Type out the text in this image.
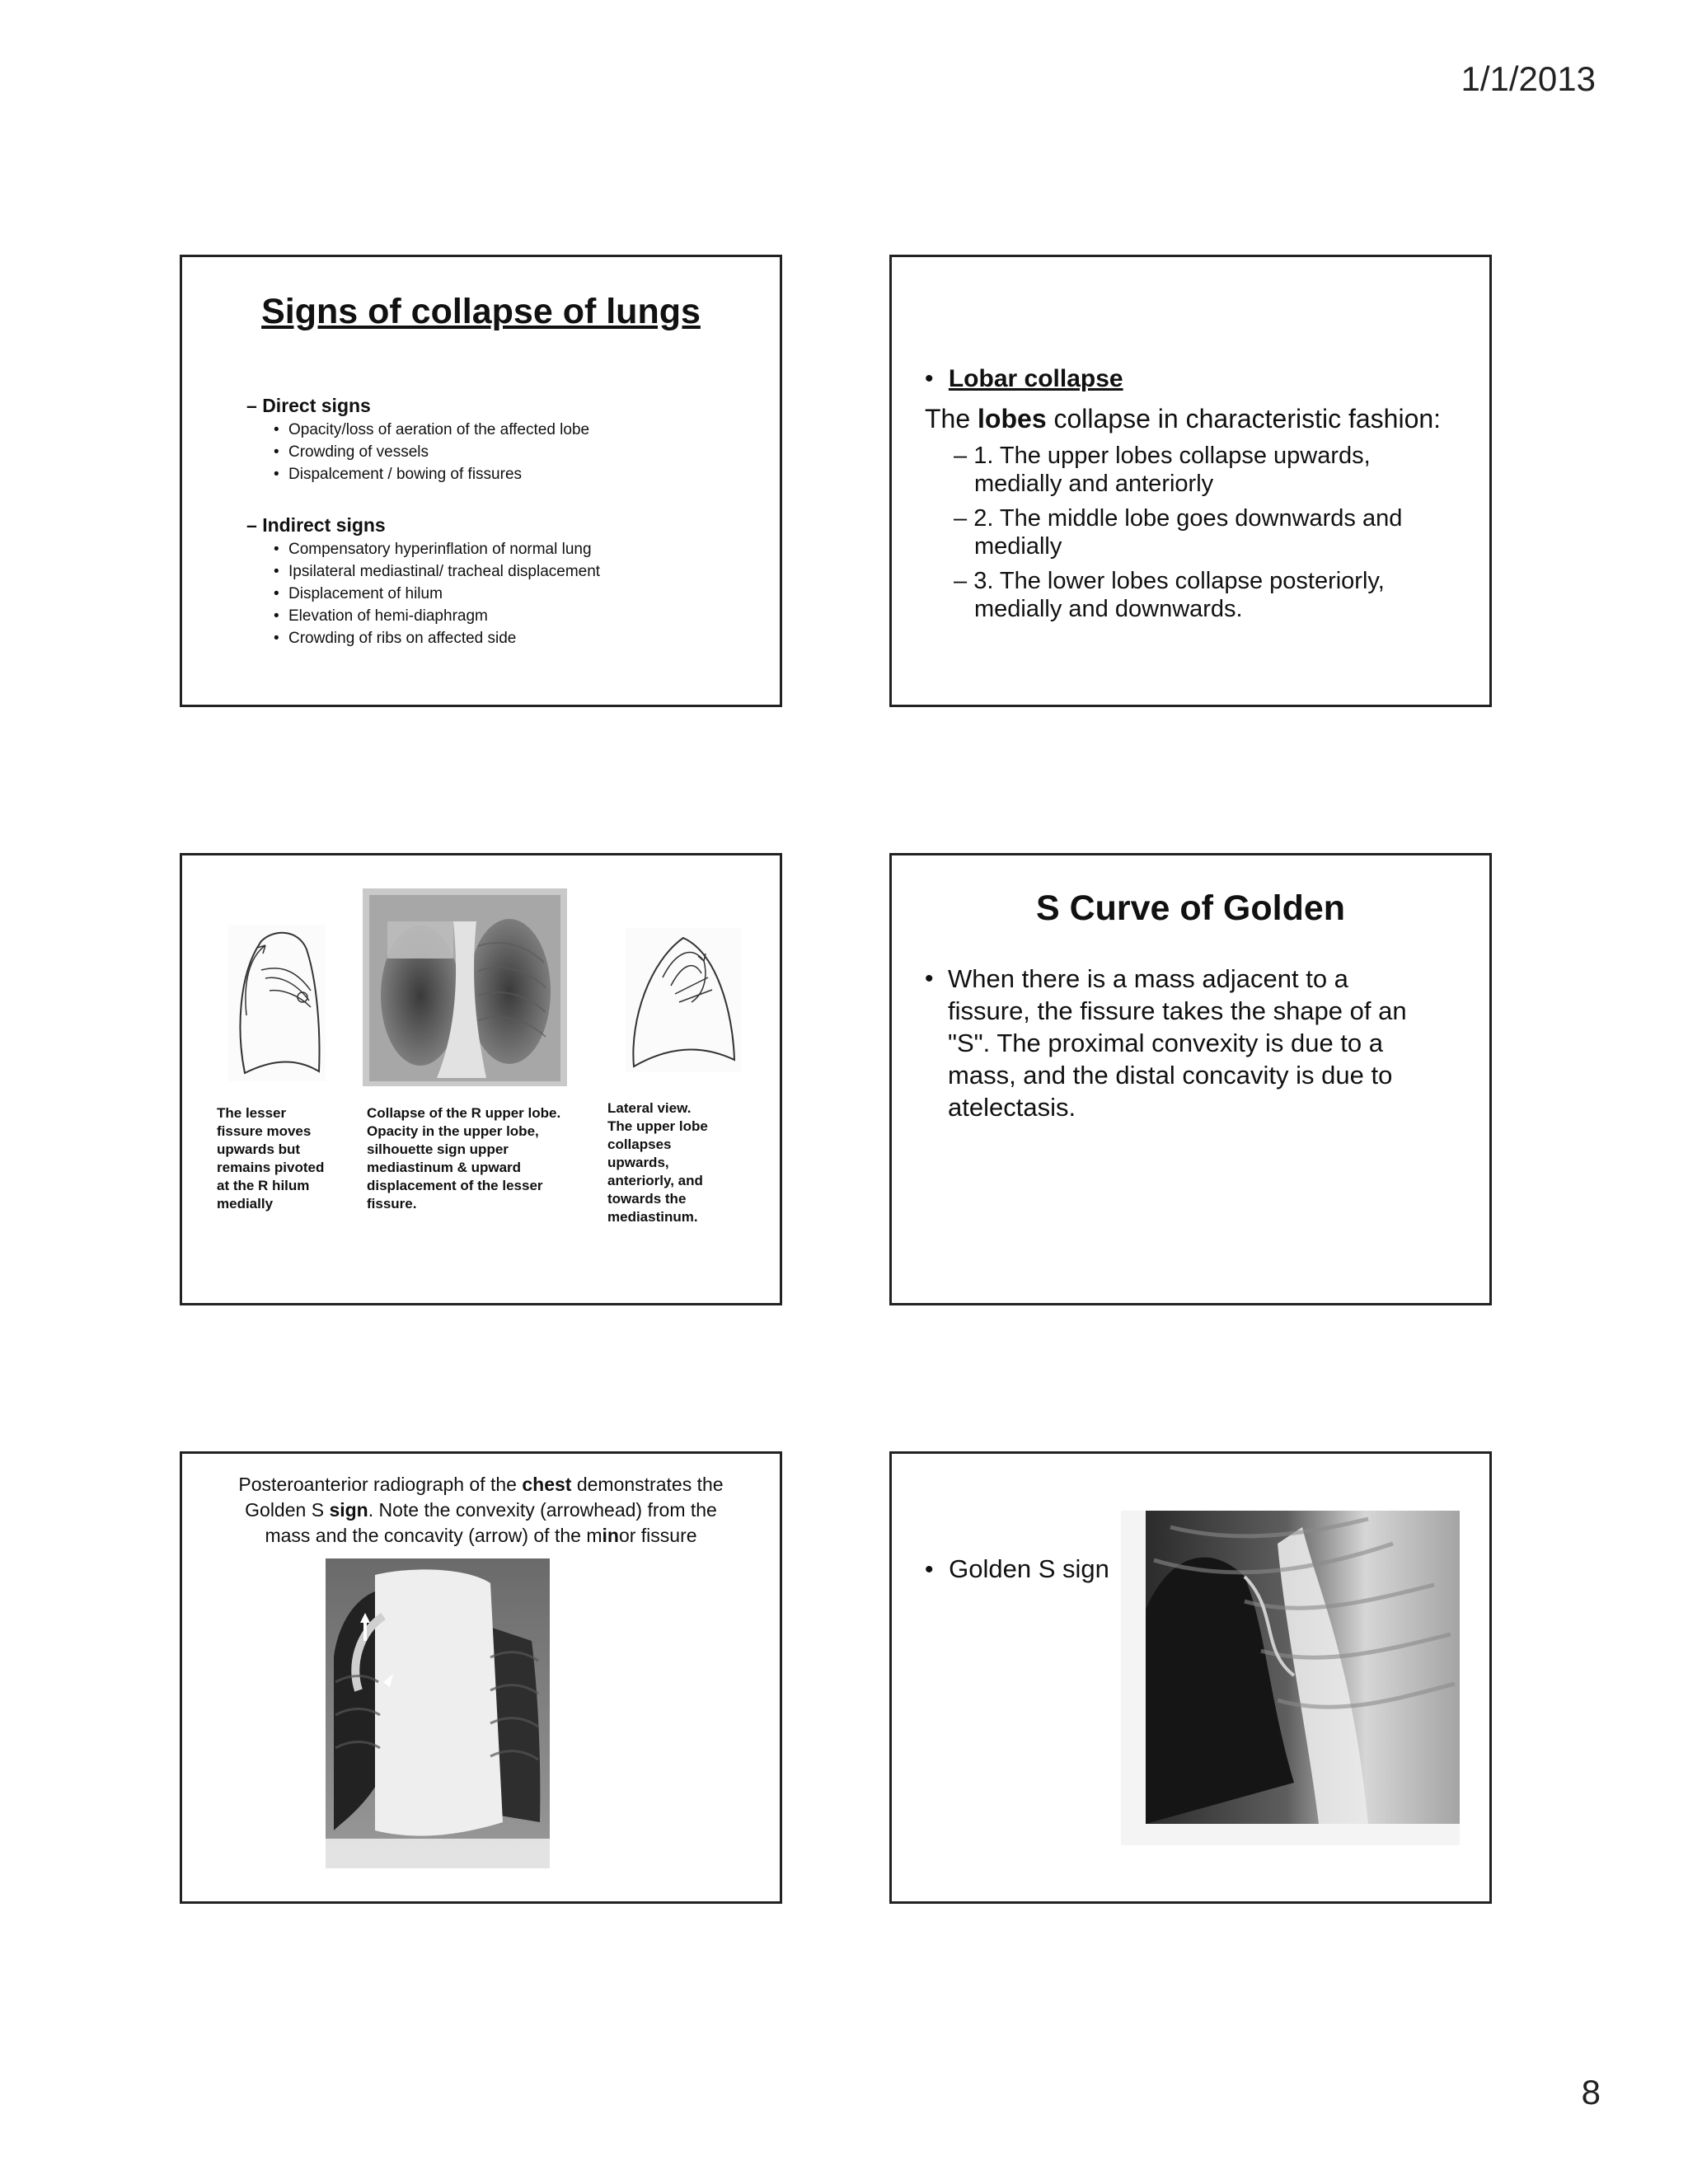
1/1/2013
Signs of collapse of lungs
– Direct signs
• Opacity/loss of aeration of the affected lobe
• Crowding of vessels
• Dispalcement / bowing of fissures
– Indirect signs
• Compensatory hyperinflation of normal lung
• Ipsilateral mediastinal/ tracheal displacement
• Displacement of hilum
• Elevation of hemi-diaphragm
• Crowding of ribs on affected side
• Lobar collapse
The lobes collapse in characteristic fashion:
– 1. The upper lobes collapse upwards,
medially and anteriorly
– 2. The middle lobe goes downwards and
medially
– 3. The lower lobes collapse posteriorly,
medially and downwards.
The lesser
fissure moves
upwards but
remains pivoted
at the R hilum
medially
Collapse of the R upper lobe.
Opacity in the upper lobe,
silhouette sign upper
mediastinum & upward
displacement of the lesser
fissure.
Lateral view.
The upper lobe
collapses
upwards,
anteriorly, and
towards the
mediastinum.
S Curve of Golden
• When there is a mass adjacent to a
fissure, the fissure takes the shape of an
"S". The proximal convexity is due to a
mass, and the distal concavity is due to
atelectasis.
Posteroanterior radiograph of the chest demonstrates the
Golden S sign. Note the convexity (arrowhead) from the
mass and the concavity (arrow) of the minor fissure
• Golden S sign
8
